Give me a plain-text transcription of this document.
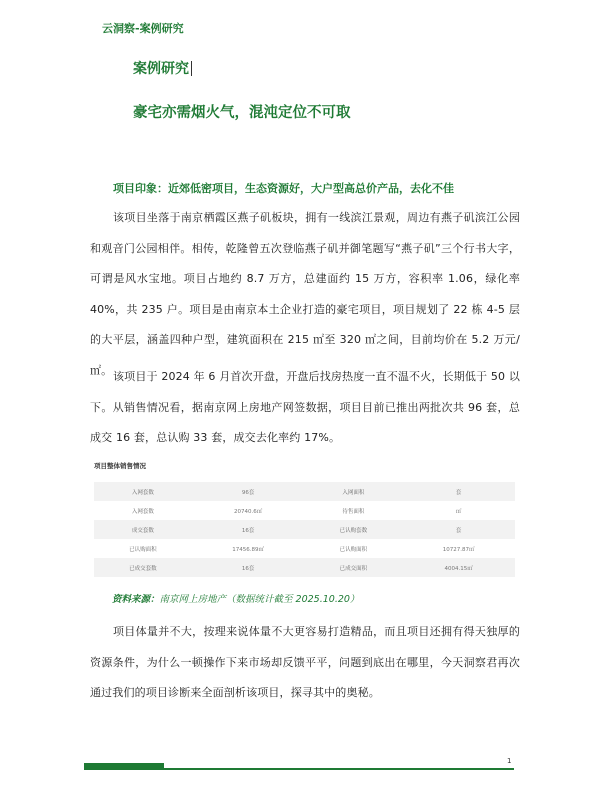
云洞察-案例研究
案例研究
豪宅亦需烟火气，混沌定位不可取
项目印象：近郊低密项目，生态资源好，大户型高总价产品，去化不佳

该项目坐落于南京栖霞区燕子矶板块，拥有一线滨江景观，周边有燕子矶滨江公园和观音门公园相伴。相传，乾隆曾五次登临燕子矶并御笔题写“燕子矶”三个行书大字，可谓是风水宝地。项目占地约 8.7 万方，总建面约 15 万方，容积率 1.06，绿化率 40%，共 235 户。项目是由南京本土企业打造的豪宅项目，项目规划了 22 栋 4-5 层的大平层，涵盖四种户型，建筑面积在 215 ㎡至 320 ㎡之间，目前均价在 5.2 万元/㎡。 该项目于 2024 年 6 月首次开盘，开盘后找房热度一直不温不火，长期低于 50 以下。从销售情况看，据南京网上房地产网签数据，项目目前已推出两批次共 96 套，总成交 16 套，总认购 33 套，成交去化率约 17%。

项目整体销售情况
入网套数	96套	入网面积	套
入网套数	20740.6㎡	待售面积	㎡
成交套数	16套	已认购套数	套
已认购面积	17456.89㎡	已认购面积	10727.87㎡
已成交套数	16套	已成交面积	4004.15㎡
资料来源：南京网上房地产（数据统计截至 2025.10.20）

项目体量并不大，按理来说体量不大更容易打造精品，而且项目还拥有得天独厚的资源条件，为什么一顿操作下来市场却反馈平平，问题到底出在哪里，今天洞察君再次通过我们的项目诊断来全面剖析该项目，探寻其中的奥秘。

1
